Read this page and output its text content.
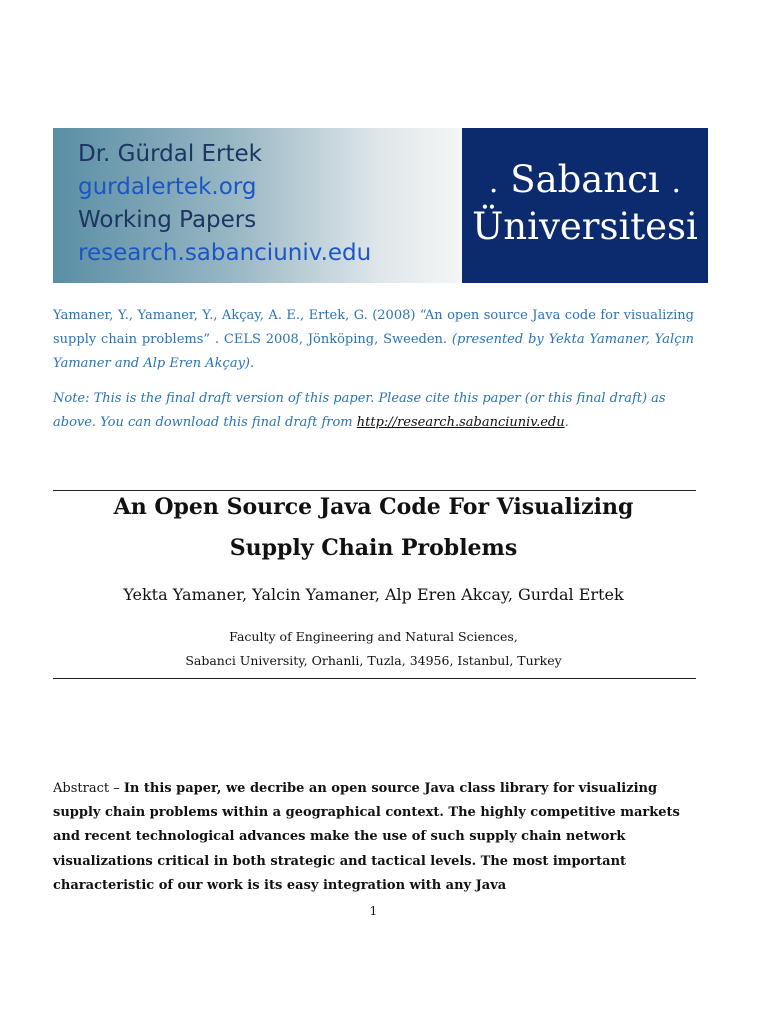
Dr. Gürdal Ertek
gurdalertek.org
Working Papers
research.sabanciuniv.edu
. Sabancı .
Üniversitesi
Yamaner, Y., Yamaner, Y., Akçay, A. E., Ertek, G. (2008) “An open source Java code for visualizing supply chain problems” . CELS 2008, Jönköping, Sweeden. (presented by Yekta Yamaner, Yalçın Yamaner and Alp Eren Akçay).
Note: This is the final draft version of this paper. Please cite this paper (or this final draft) as above. You can download this final draft from http://research.sabanciuniv.edu.
An Open Source Java Code For Visualizing
Supply Chain Problems
Yekta Yamaner, Yalcin Yamaner, Alp Eren Akcay, Gurdal Ertek
Faculty of Engineering and Natural Sciences,
Sabanci University, Orhanli, Tuzla, 34956, Istanbul, Turkey
Abstract – In this paper, we decribe an open source Java class library for visualizing supply chain problems within a geographical context. The highly competitive markets and recent technological advances make the use of such supply chain network visualizations critical in both strategic and tactical levels. The most important characteristic of our work is its easy integration with any Java
1
